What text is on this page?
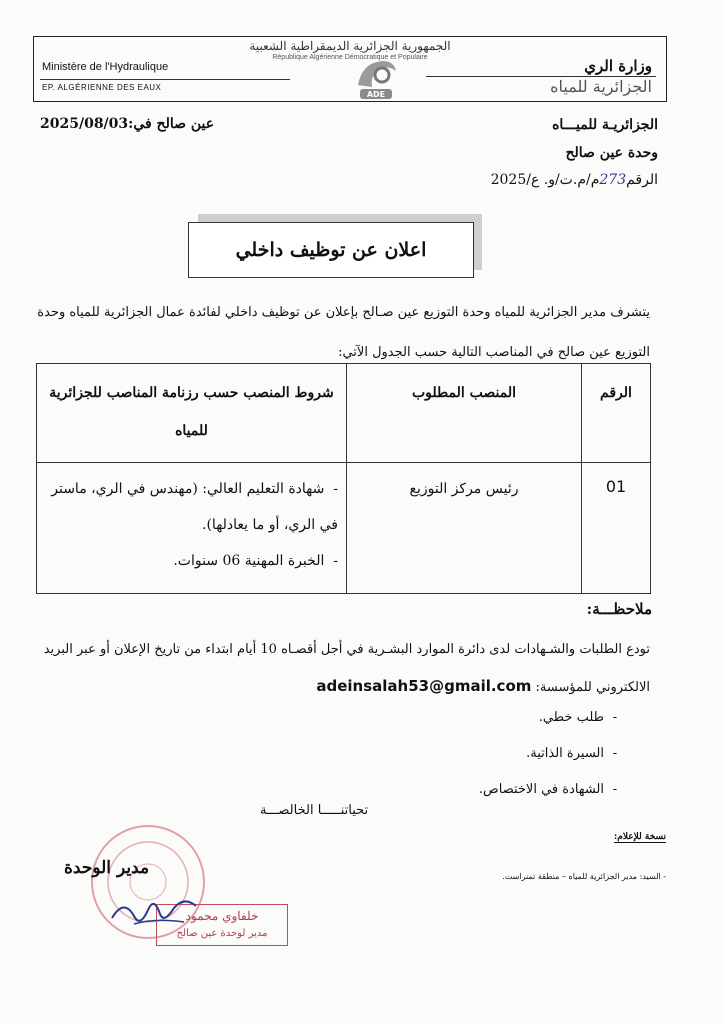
الجمهورية الجزائرية الديمقراطية الشعبية
République Algérienne Démocratique et Populaire
Ministère de l'Hydraulique
EP. ALGÉRIENNE DES EAUX
وزارة الري
الجزائرية للمياه
ADE
الجزائريـة للميـــاه
عين صالح في:2025/08/03
وحدة عين صالح
الرقم273م/م.ت/و. ع/2025
اعلان عن توظيف داخلي
يتشرف مدير الجزائرية للمياه وحدة التوزيع عين صـالح بإعلان عن توظيف داخلي لفائدة عمال الجزائرية للمياه وحدة التوزيع عين صالح في المناصب التالية حسب الجدول الآتي:
الرقم	المنصب المطلوب	شروط المنصب حسب رزنامة المناصب للجزائرية للمياه
01	رئيس مركز التوزيع	-  شهادة التعليم العالي: (مهندس في الري، ماستر في الري، أو ما يعادلها).
-  الخبرة المهنية 06 سنوات.
ملاحظـــة:
تودع الطلبات والشـهادات لدى دائرة الموارد البشـرية في أجل أقصـاه 10 أيام ابتداء من تاريخ الإعلان أو عبر البريد الالكتروني للمؤسسة: adeinsalah53@gmail.com
- طلب خطي.
- السيرة الذاتية.
- الشهادة في الاختصاص.
تحياتنـــــا الخالصـــة
نسخة للإعلام:
- السيد: مدير الجزائرية للمياه – منطقة تمنراست.
مدير الوحدة
خلفاوي محمود
مدير لوحدة عين صالح
